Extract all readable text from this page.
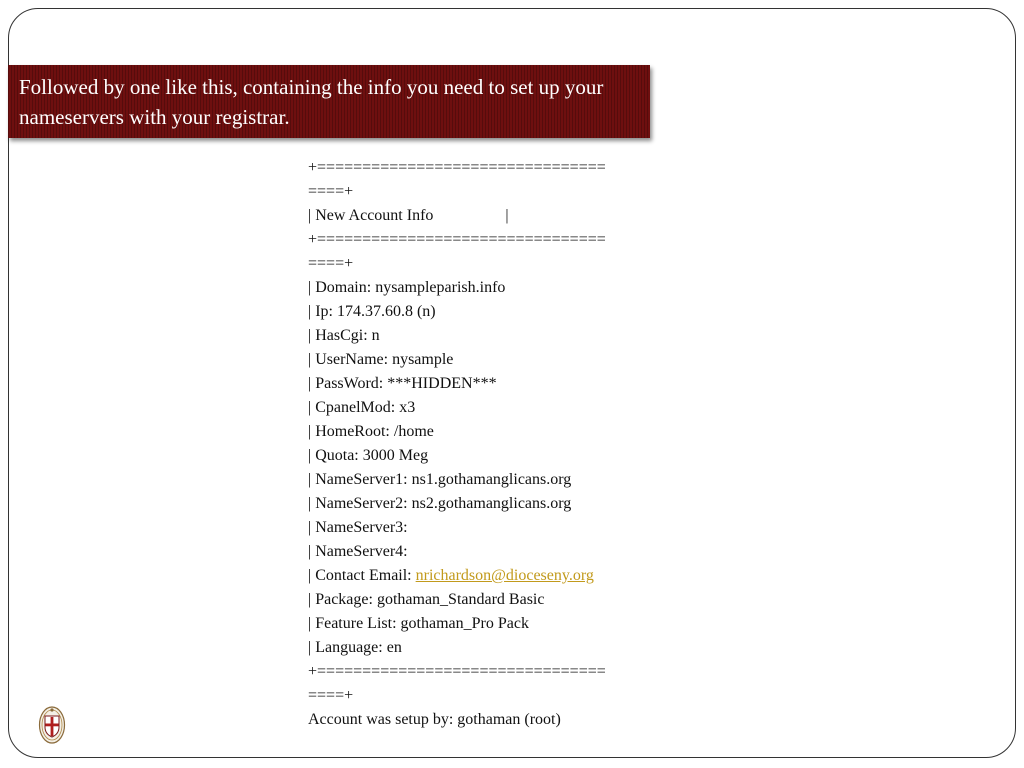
Followed by one like this, containing the info you need to set up your nameservers with your registrar.
+================================
====+
| New Account Info                  |
+================================
====+
| Domain: nysampleparish.info
| Ip: 174.37.60.8 (n)
| HasCgi: n
| UserName: nysample
| PassWord: ***HIDDEN***
| CpanelMod: x3
| HomeRoot: /home
| Quota: 3000 Meg
| NameServer1: ns1.gothamanglicans.org
| NameServer2: ns2.gothamanglicans.org
| NameServer3:
| NameServer4:
| Contact Email: nrichardson@dioceseny.org
| Package: gothaman_Standard Basic
| Feature List: gothaman_Pro Pack
| Language: en
+================================
====+
Account was setup by: gothaman (root)
